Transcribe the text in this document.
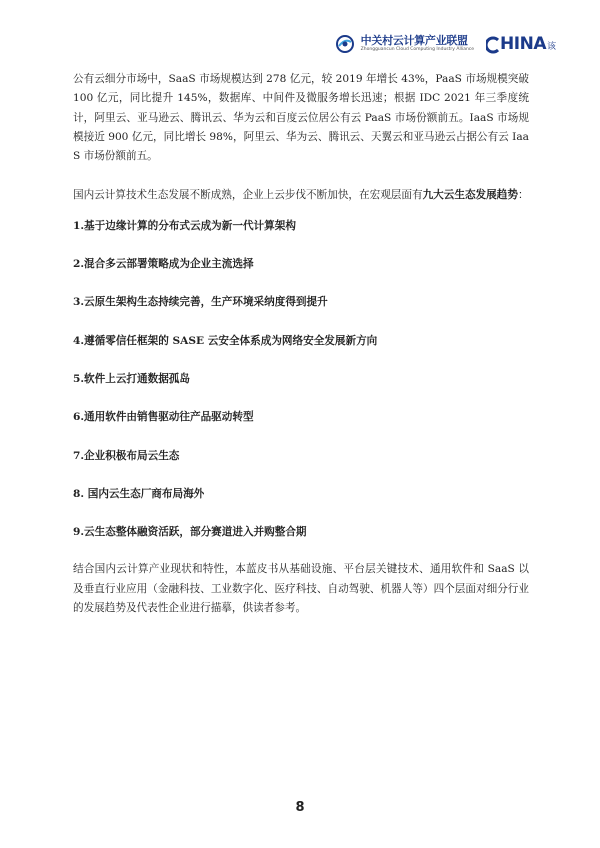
中关村云计算产业联盟
Zhongguancun Cloud Computing Industry Alliance HINA 该

公有云细分市场中，SaaS 市场规模达到 278 亿元，较 2019 年增长 43%，PaaS 市场规模突破 100 亿元，同比提升 145%，数据库、中间件及微服务增长迅速；根据 IDC 2021 年三季度统计，阿里云、亚马逊云、腾讯云、华为云和百度云位居公有云 PaaS 市场份额前五。IaaS 市场规模接近 900 亿元，同比增长 98%，阿里云、华为云、腾讯云、天翼云和亚马逊云占据公有云 IaaS 市场份额前五。

国内云计算技术生态发展不断成熟，企业上云步伐不断加快，在宏观层面有九大云生态发展趋势：

1.基于边缘计算的分布式云成为新一代计算架构

2.混合多云部署策略成为企业主流选择

3.云原生架构生态持续完善，生产环境采纳度得到提升

4.遵循零信任框架的 SASE 云安全体系成为网络安全发展新方向

5.软件上云打通数据孤岛

6.通用软件由销售驱动往产品驱动转型

7.企业积极布局云生态

8. 国内云生态厂商布局海外

9.云生态整体融资活跃，部分赛道进入并购整合期

结合国内云计算产业现状和特性，本蓝皮书从基础设施、平台层关键技术、通用软件和 SaaS 以及垂直行业应用（金融科技、工业数字化、医疗科技、自动驾驶、机器人等）四个层面对细分行业的发展趋势及代表性企业进行描摹，供读者参考。

8
